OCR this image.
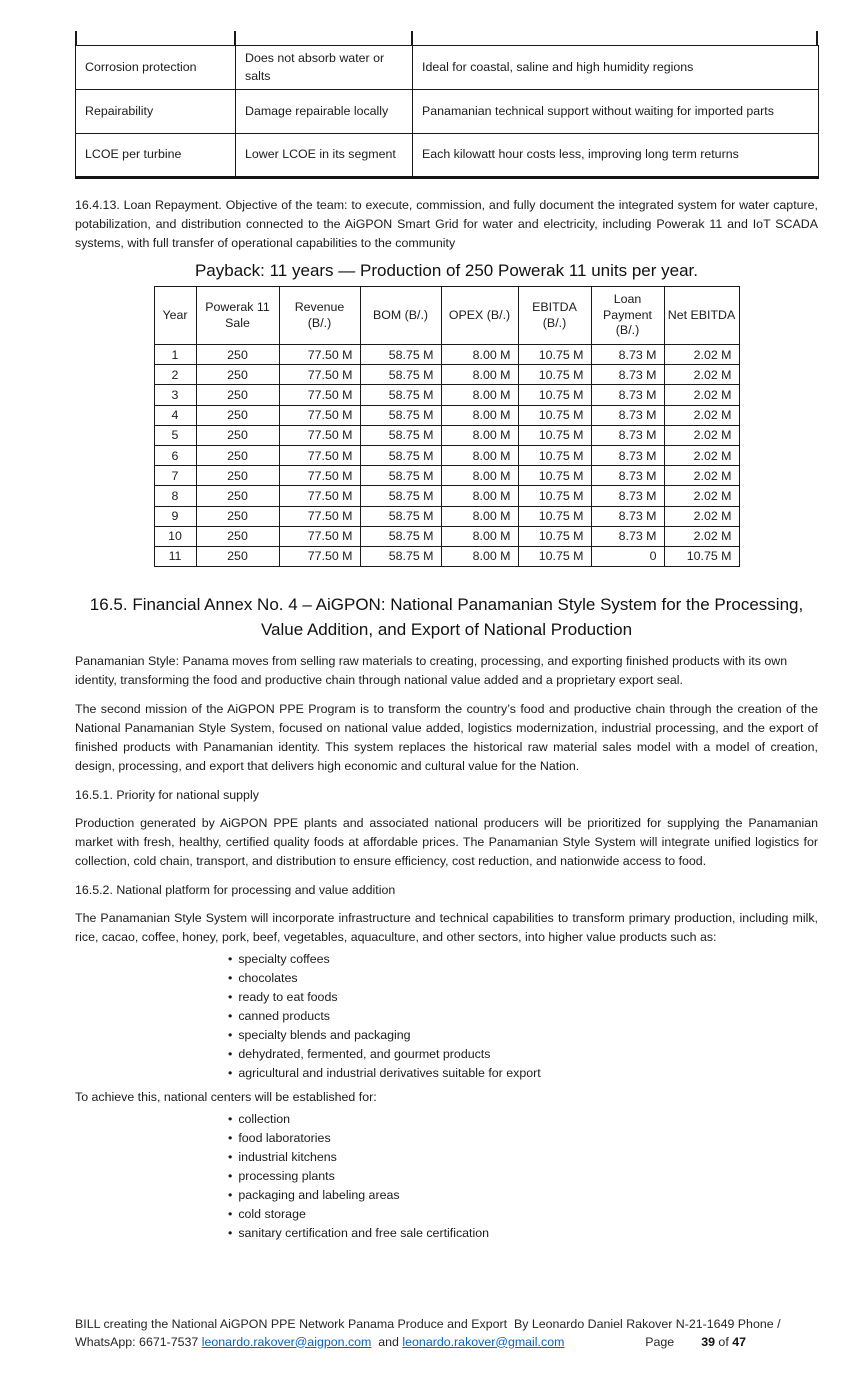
Corrosion protection	Does not absorb water or salts	Ideal for coastal, saline and high humidity regions
Repairability	Damage repairable locally	Panamanian technical support without waiting for imported parts
LCOE per turbine	Lower LCOE in its segment	Each kilowatt hour costs less, improving long term returns

16.4.13. Loan Repayment. Objective of the team: to execute, commission, and fully document the integrated system for water capture, potabilization, and distribution connected to the AiGPON Smart Grid for water and electricity, including Powerak 11 and IoT SCADA systems, with full transfer of operational capabilities to the community

Payback: 11 years — Production of 250 Powerak 11 units per year.
Year	Powerak 11 Sale	Revenue (B/.)	BOM (B/.)	OPEX (B/.)	EBITDA (B/.)	Loan Payment (B/.)	Net EBITDA
1	250	77.50 M	58.75 M	8.00 M	10.75 M	8.73 M	2.02 M
2	250	77.50 M	58.75 M	8.00 M	10.75 M	8.73 M	2.02 M
3	250	77.50 M	58.75 M	8.00 M	10.75 M	8.73 M	2.02 M
4	250	77.50 M	58.75 M	8.00 M	10.75 M	8.73 M	2.02 M
5	250	77.50 M	58.75 M	8.00 M	10.75 M	8.73 M	2.02 M
6	250	77.50 M	58.75 M	8.00 M	10.75 M	8.73 M	2.02 M
7	250	77.50 M	58.75 M	8.00 M	10.75 M	8.73 M	2.02 M
8	250	77.50 M	58.75 M	8.00 M	10.75 M	8.73 M	2.02 M
9	250	77.50 M	58.75 M	8.00 M	10.75 M	8.73 M	2.02 M
10	250	77.50 M	58.75 M	8.00 M	10.75 M	8.73 M	2.02 M
11	250	77.50 M	58.75 M	8.00 M	10.75 M	0	10.75 M
16.5. Financial Annex No. 4 – AiGPON: National Panamanian Style System for the Processing, Value Addition, and Export of National Production

Panamanian Style: Panama moves from selling raw materials to creating, processing, and exporting finished products with its own identity, transforming the food and productive chain through national value added and a proprietary export seal.

The second mission of the AiGPON PPE Program is to transform the country’s food and productive chain through the creation of the National Panamanian Style System, focused on national value added, logistics modernization, industrial processing, and the export of finished products with Panamanian identity. This system replaces the historical raw material sales model with a model of creation, design, processing, and export that delivers high economic and cultural value for the Nation.

16.5.1. Priority for national supply

Production generated by AiGPON PPE plants and associated national producers will be prioritized for supplying the Panamanian market with fresh, healthy, certified quality foods at affordable prices. The Panamanian Style System will integrate unified logistics for collection, cold chain, transport, and distribution to ensure efficiency, cost reduction, and nationwide access to food.

16.5.2. National platform for processing and value addition

The Panamanian Style System will incorporate infrastructure and technical capabilities to transform primary production, including milk, rice, cacao, coffee, honey, pork, beef, vegetables, aquaculture, and other sectors, into higher value products such as:

• specialty coffees
• chocolates
• ready to eat foods
• canned products
• specialty blends and packaging
• dehydrated, fermented, and gourmet products
• agricultural and industrial derivatives suitable for export

To achieve this, national centers will be established for:

• collection
• food laboratories
• industrial kitchens
• processing plants
• packaging and labeling areas
• cold storage
• sanitary certification and free sale certification
BILL creating the National AiGPON PPE Network Panama Produce and Export  By Leonardo Daniel Rakover N-21-1649 Phone /
WhatsApp: 6671-7537 leonardo.rakover@aigpon.com  and leonardo.rakover@gmail.com	Page 39 of 47
